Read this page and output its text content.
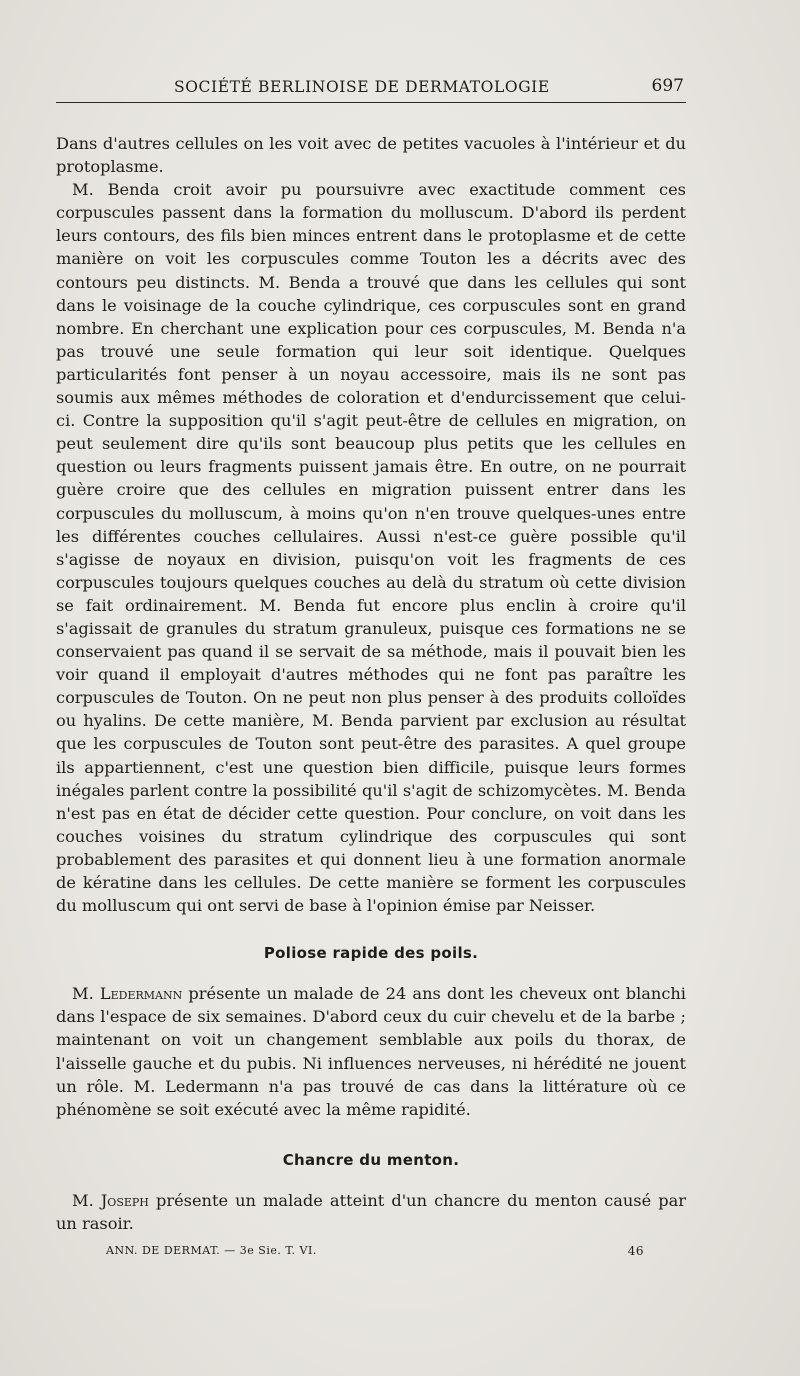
SOCIÉTÉ BERLINOISE DE DERMATOLOGIE	697

Dans d'autres cellules on les voit avec de petites vacuoles à l'intérieur et du protoplasme.

M. Benda croit avoir pu poursuivre avec exactitude comment ces corpuscules passent dans la formation du molluscum. D'abord ils perdent leurs contours, des fils bien minces entrent dans le protoplasme et de cette manière on voit les corpuscules comme Touton les a décrits avec des contours peu distincts. M. Benda a trouvé que dans les cellules qui sont dans le voisinage de la couche cylindrique, ces corpuscules sont en grand nombre. En cherchant une explication pour ces corpuscules, M. Benda n'a pas trouvé une seule formation qui leur soit identique. Quelques particularités font penser à un noyau accessoire, mais ils ne sont pas soumis aux mêmes méthodes de coloration et d'endurcissement que celui-ci. Contre la supposition qu'il s'agit peut-être de cellules en migration, on peut seulement dire qu'ils sont beaucoup plus petits que les cellules en question ou leurs fragments puissent jamais être. En outre, on ne pourrait guère croire que des cellules en migration puissent entrer dans les corpuscules du molluscum, à moins qu'on n'en trouve quelques-unes entre les différentes couches cellulaires. Aussi n'est-ce guère possible qu'il s'agisse de noyaux en division, puisqu'on voit les fragments de ces corpuscules toujours quelques couches au delà du stratum où cette division se fait ordinairement. M. Benda fut encore plus enclin à croire qu'il s'agissait de granules du stratum granuleux, puisque ces formations ne se conservaient pas quand il se servait de sa méthode, mais il pouvait bien les voir quand il employait d'autres méthodes qui ne font pas paraître les corpuscules de Touton. On ne peut non plus penser à des produits colloïdes ou hyalins. De cette manière, M. Benda parvient par exclusion au résultat que les corpuscules de Touton sont peut-être des parasites. A quel groupe ils appartiennent, c'est une question bien difficile, puisque leurs formes inégales parlent contre la possibilité qu'il s'agit de schizomycètes. M. Benda n'est pas en état de décider cette question. Pour conclure, on voit dans les couches voisines du stratum cylindrique des corpuscules qui sont probablement des parasites et qui donnent lieu à une formation anormale de kératine dans les cellules. De cette manière se forment les corpuscules du molluscum qui ont servi de base à l'opinion émise par Neisser.

Poliose rapide des poils.

M. Ledermann présente un malade de 24 ans dont les cheveux ont blanchi dans l'espace de six semaines. D'abord ceux du cuir chevelu et de la barbe ; maintenant on voit un changement semblable aux poils du thorax, de l'aisselle gauche et du pubis. Ni influences nerveuses, ni hérédité ne jouent un rôle. M. Ledermann n'a pas trouvé de cas dans la littérature où ce phénomène se soit exécuté avec la même rapidité.

Chancre du menton.

M. Joseph présente un malade atteint d'un chancre du menton causé par un rasoir.

ANN. DE DERMAT. — 3e Sie. T. VI.	46
